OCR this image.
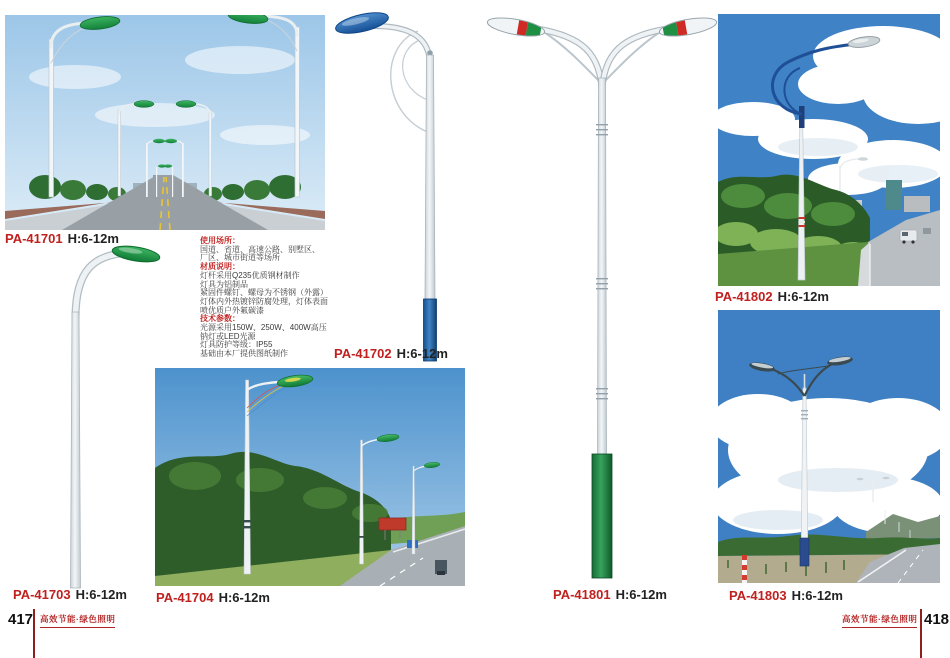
PA-41701 H:6-12m
PA-41703 H:6-12m
使用场所：
国道、省道、高速公路、别墅区、
厂区、城市街道等场所
材质说明：
灯杆采用Q235优质钢材制作
灯具为铝制品
紧固件螺钉、螺母为不锈钢（外露）
灯体内外热镀锌防腐处理，灯体表面
喷优质户外氟碳漆
技术参数：
光源采用150W、250W、400W高压
钠灯或LED光源
灯具防护等级：IP55
基础由本厂提供图纸制作	PA-41702 H:6-12m
PA-41704 H:6-12m	PA-41801 H:6-12m
PA-41802 H:6-12m
PA-41803 H:6-12m
417 高效节能·绿色照明	高效节能·绿色照明 418
